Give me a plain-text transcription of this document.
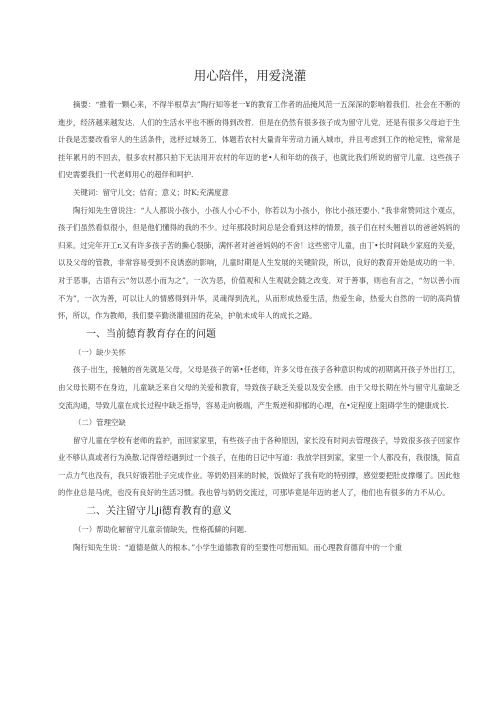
用心陪伴，用爱浇灌

摘要：“推着一颗心来，不得半根草去”陶行知等老一¥的教育工作者的品掩风范一五深深的影响着我们．社会在不断的進步，经济越来越发达．人们的生活水平也不断的得到改哲．但是在仍然有很多孩子成为留守儿党．还是有很多父母迫于生计我是恋要改看宰人的生活条件，选杼过城务工．体题若农村大量青年劳动力涌入城市，并且考虑到工作的枪定牲，常常是挂年累月的不回去，很多农村都只拍下无法用开农村的年迈的老•人和年幼的孩子，也就比我们所说的留守儿童．这些孩子们史需要我们一代老师用心的超伴和呵护.

关键词：留守儿交；佶育；意义；时K;充满度意

陶行知先生曾说注：“人人都说小孩小，小孩人小心不小，你若以为小孩小，你比小孩还要小．”我非常赞同这个观点，孩子们虽然看似很小，但是他们懂得的我的不少。过年那段时间总是会看到这样的情景，孩子们在村头翘首以的爸爸妈妈的归来。过完年开工r,又有许多孩子苦的撕心裂肺，满怀者对爸爸妈妈的不舍！这些密守儿童，由丁•长时间缺少家庭的关爱，以及父母的管教，非常容易受到不良诱惑的影响，儿童时期是人生发展的关键阶段，所以，良好的教育开始是成功的一半．对于恶事，古语有云“勿以恶小而为之”，一次为恶，价值观和人生观就会随之改变．对于善事，则也有言之，“勿以善小而不为”，一次为善，可以让人的情感得到升华，灵魂得到洗礼，从而形成热爱生活，热爱生命，热爱大自然的一切的高尚情怀，所以，作为教师，我们要辛勤浇灌祖国的花朵，护航未成年人的成长之路。

一、当前德育教育存在的问题
（一）缺少关怀

孩子·出生，接触的首先就是父母，父母是孩子的第•任老师，许多父母在孩子各种意识构成的初期离开孩子外出打工，由父母长期不在身边，儿童缺乏来自父母的关爱和教育，导致孩子缺乏关爱以及安全感．由于父母长期在外与留守儿童缺乏交流沟通，导致儿童在成长过程中缺乏指导，容易走向极端，产生叛逆和抑郁的心理，在•定程度上阻碍学生的健康成长.

（二）管理空缺

留守儿童在学校有老师的监护，而回家家里，有些孩子由于各种原因，家长没有时间去管理孩子，导致很多孩子回家作业不够认真或者行为涣散.记得曾经遇到过一个孩子，在他的日记中写道：我放学回到家，家里一个人都没有，我很饿，简直一点力气也没有，我只好饿若肚子完成作业。等奶奶回来的时候，饭做好了我有吃的特别撑，感觉要把肚皮撑爆了。因此他的作业总是马虎，也没有良好的生活习惯。我也曾与奶奶交流过，可那毕竟是年迈的老人了，他们也有很多的力不从心。

二、关注留守儿Ji德育教育的意义
（一）帮助化解留守儿童亲情缺失，性格孤僻的问题.

陶行知先生说：“道德是做人的根本。”小学生道德教育的至要性可想而知。而心理教育德育中的一个重
